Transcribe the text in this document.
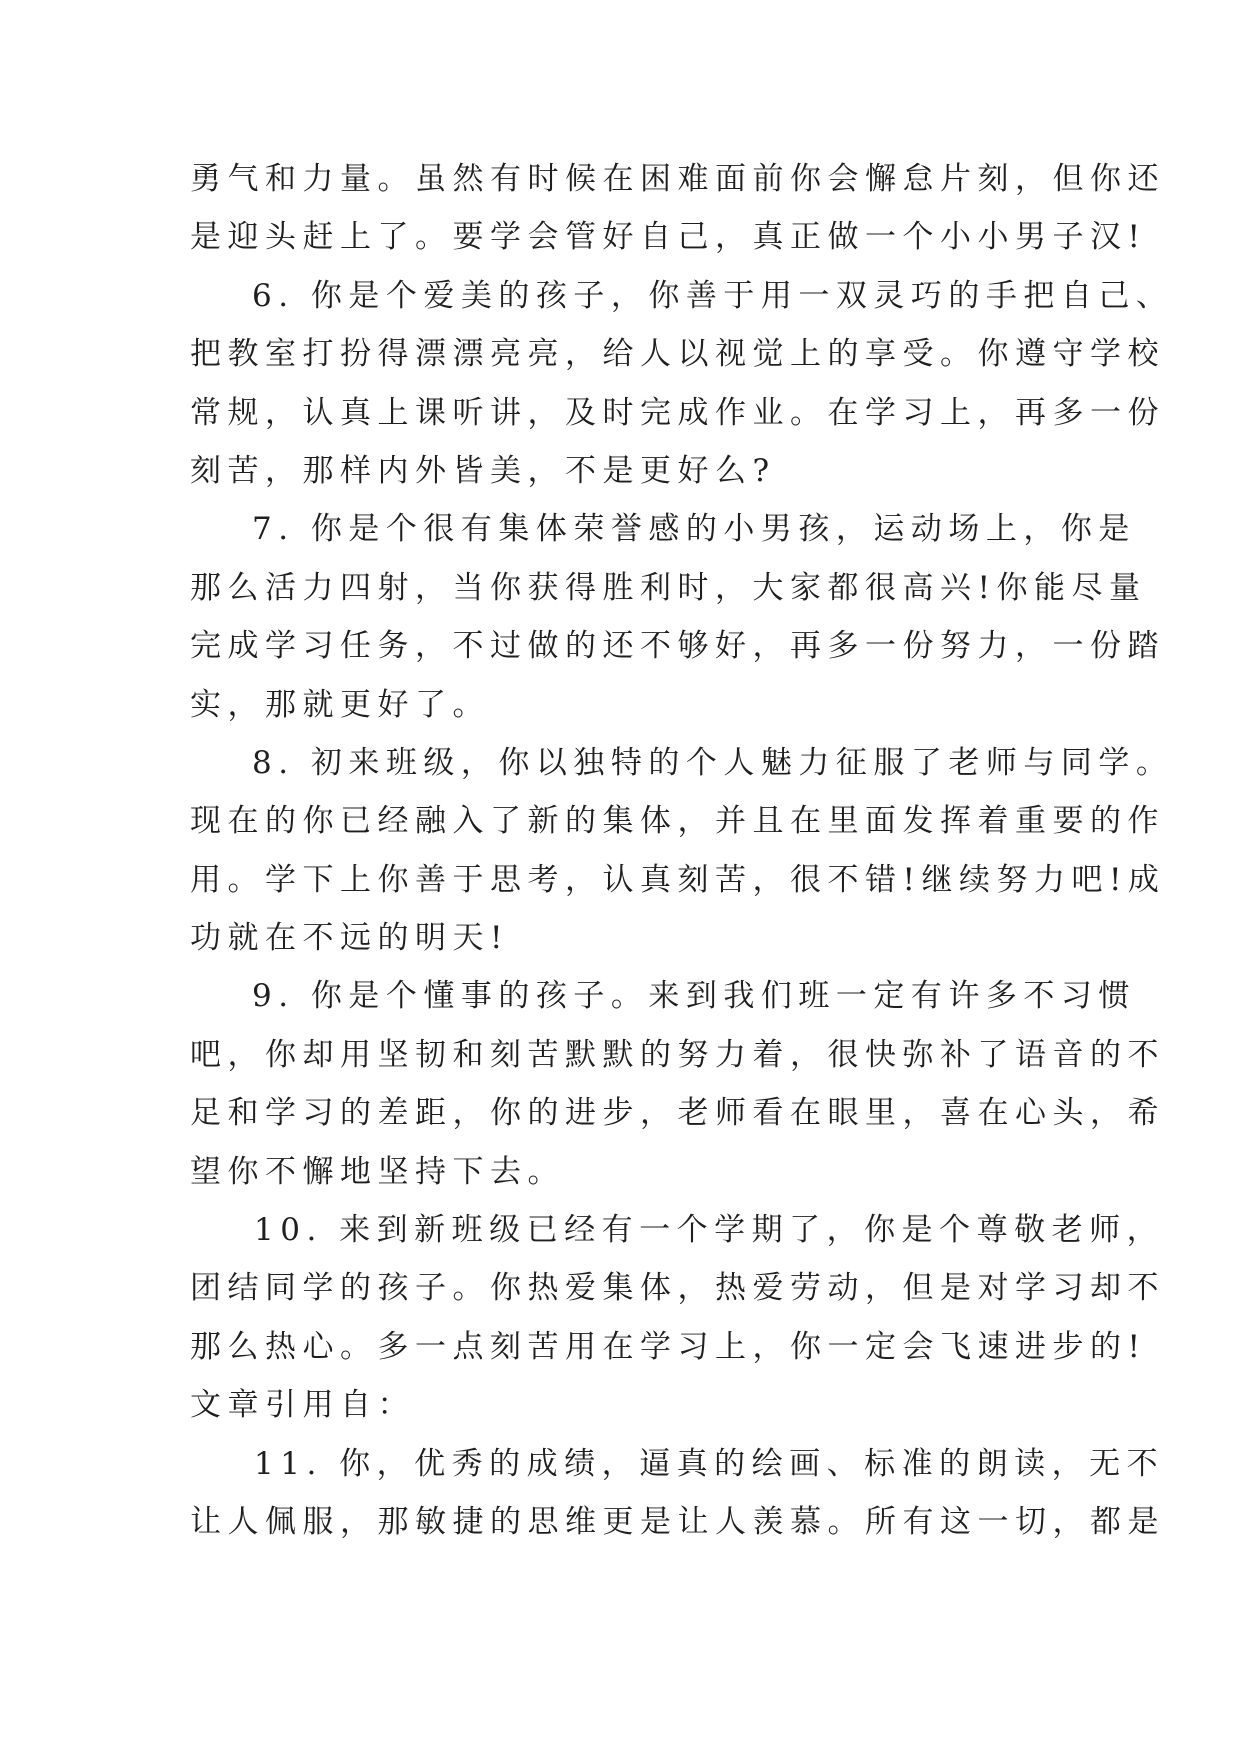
勇气和力量。虽然有时候在困难面前你会懈怠片刻，但你还
是迎头赶上了。要学会管好自己，真正做一个小小男子汉!
6. 你是个爱美的孩子，你善于用一双灵巧的手把自己、
把教室打扮得漂漂亮亮，给人以视觉上的享受。你遵守学校
常规，认真上课听讲，及时完成作业。在学习上，再多一份
刻苦，那样内外皆美，不是更好么?
7. 你是个很有集体荣誉感的小男孩，运动场上，你是
那么活力四射，当你获得胜利时，大家都很高兴!你能尽量
完成学习任务，不过做的还不够好，再多一份努力，一份踏
实，那就更好了。
8. 初来班级，你以独特的个人魅力征服了老师与同学。
现在的你已经融入了新的集体，并且在里面发挥着重要的作
用。学下上你善于思考，认真刻苦，很不错!继续努力吧!成
功就在不远的明天!
9. 你是个懂事的孩子。来到我们班一定有许多不习惯
吧，你却用坚韧和刻苦默默的努力着，很快弥补了语音的不
足和学习的差距，你的进步，老师看在眼里，喜在心头，希
望你不懈地坚持下去。
10. 来到新班级已经有一个学期了，你是个尊敬老师，
团结同学的孩子。你热爱集体，热爱劳动，但是对学习却不
那么热心。多一点刻苦用在学习上，你一定会飞速进步的!
文章引用自：
11. 你，优秀的成绩，逼真的绘画、标准的朗读，无不
让人佩服，那敏捷的思维更是让人羡慕。所有这一切，都是
